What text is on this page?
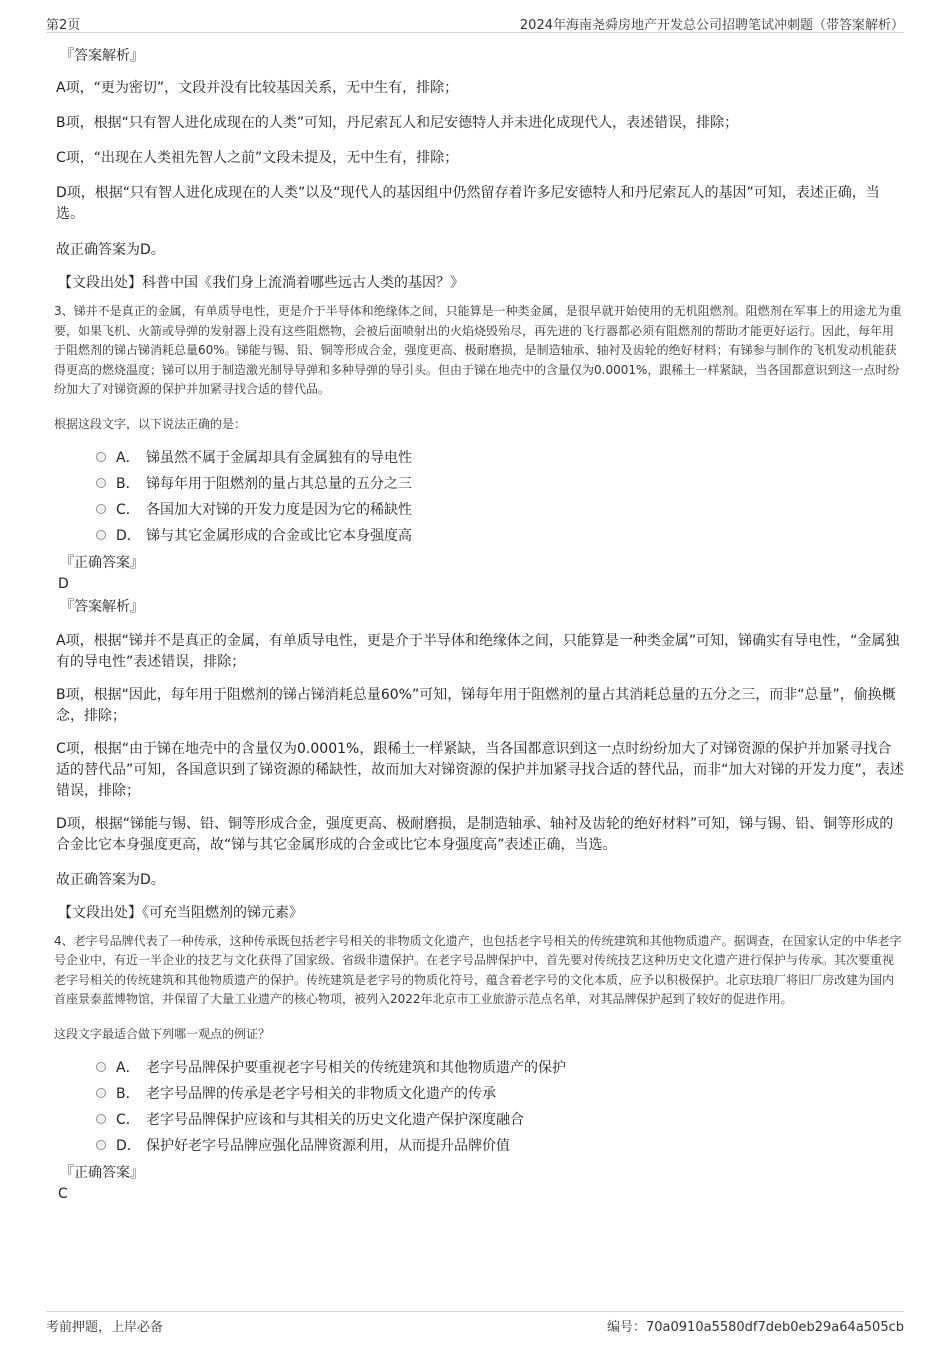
第2页	2024年海南尧舜房地产开发总公司招聘笔试冲刺题（带答案解析）
『答案解析』
A项，“更为密切”，文段并没有比较基因关系，无中生有，排除；
B项，根据“只有智人进化成现在的人类”可知，丹尼索瓦人和尼安德特人并未进化成现代人，表述错误，排除；
C项，“出现在人类祖先智人之前”文段未提及，无中生有，排除；
D项，根据“只有智人进化成现在的人类”以及“现代人的基因组中仍然留存着许多尼安德特人和丹尼索瓦人的基因”可知，表述正确，当选。
故正确答案为D。
【文段出处】科普中国《我们身上流淌着哪些远古人类的基因？》
3、锑并不是真正的金属，有单质导电性，更是介于半导体和绝缘体之间，只能算是一种类金属，是很早就开始使用的无机阻燃剂。阻燃剂在军事上的用途尤为重要，如果飞机、火箭或导弹的发射器上没有这些阻燃物，会被后面喷射出的火焰烧毁殆尽，再先进的飞行器都必须有阻燃剂的帮助才能更好运行。因此，每年用于阻燃剂的锑占锑消耗总量60%。锑能与锡、铅、铜等形成合金，强度更高、极耐磨损，是制造轴承、轴衬及齿轮的绝好材料；有锑参与制作的飞机发动机能获得更高的燃烧温度；锑可以用于制造激光制导导弹和多种导弹的导引头。但由于锑在地壳中的含量仅为0.0001%，跟稀土一样紧缺，当各国都意识到这一点时纷纷加大了对锑资源的保护并加紧寻找合适的替代品。
根据这段文字，以下说法正确的是：
A． 锑虽然不属于金属却具有金属独有的导电性
B． 锑每年用于阻燃剂的量占其总量的五分之三
C． 各国加大对锑的开发力度是因为它的稀缺性
D． 锑与其它金属形成的合金或比它本身强度高
『正确答案』
D
『答案解析』
A项，根据“锑并不是真正的金属，有单质导电性，更是介于半导体和绝缘体之间，只能算是一种类金属”可知，锑确实有导电性，“金属独有的导电性”表述错误，排除；
B项，根据“因此，每年用于阻燃剂的锑占锑消耗总量60%”可知，锑每年用于阻燃剂的量占其消耗总量的五分之三，而非“总量”，偷换概念，排除；
C项，根据“由于锑在地壳中的含量仅为0.0001%，跟稀土一样紧缺，当各国都意识到这一点时纷纷加大了对锑资源的保护并加紧寻找合适的替代品”可知，各国意识到了锑资源的稀缺性，故而加大对锑资源的保护并加紧寻找合适的替代品，而非“加大对锑的开发力度”，表述错误，排除；
D项，根据“锑能与锡、铅、铜等形成合金，强度更高、极耐磨损，是制造轴承、轴衬及齿轮的绝好材料”可知，锑与锡、铅、铜等形成的合金比它本身强度更高，故“锑与其它金属形成的合金或比它本身强度高”表述正确，当选。
故正确答案为D。
【文段出处】《可充当阻燃剂的锑元素》
4、老字号品牌代表了一种传承，这种传承既包括老字号相关的非物质文化遗产，也包括老字号相关的传统建筑和其他物质遗产。据调查，在国家认定的中华老字号企业中，有近一半企业的技艺与文化获得了国家级、省级非遗保护。在老字号品牌保护中，首先要对传统技艺这种历史文化遗产进行保护与传承。其次要重视老字号相关的传统建筑和其他物质遗产的保护。传统建筑是老字号的物质化符号，蕴含着老字号的文化本质，应予以积极保护。北京珐琅厂将旧厂房改建为国内首座景泰蓝博物馆，并保留了大量工业遗产的核心物项，被列入2022年北京市工业旅游示范点名单，对其品牌保护起到了较好的促进作用。
这段文字最适合做下列哪一观点的例证？
A． 老字号品牌保护要重视老字号相关的传统建筑和其他物质遗产的保护
B． 老字号品牌的传承是老字号相关的非物质文化遗产的传承
C． 老字号品牌保护应该和与其相关的历史文化遗产保护深度融合
D． 保护好老字号品牌应强化品牌资源利用，从而提升品牌价值
『正确答案』
C
考前押题，上岸必备	编号：70a0910a5580df7deb0eb29a64a505cb
